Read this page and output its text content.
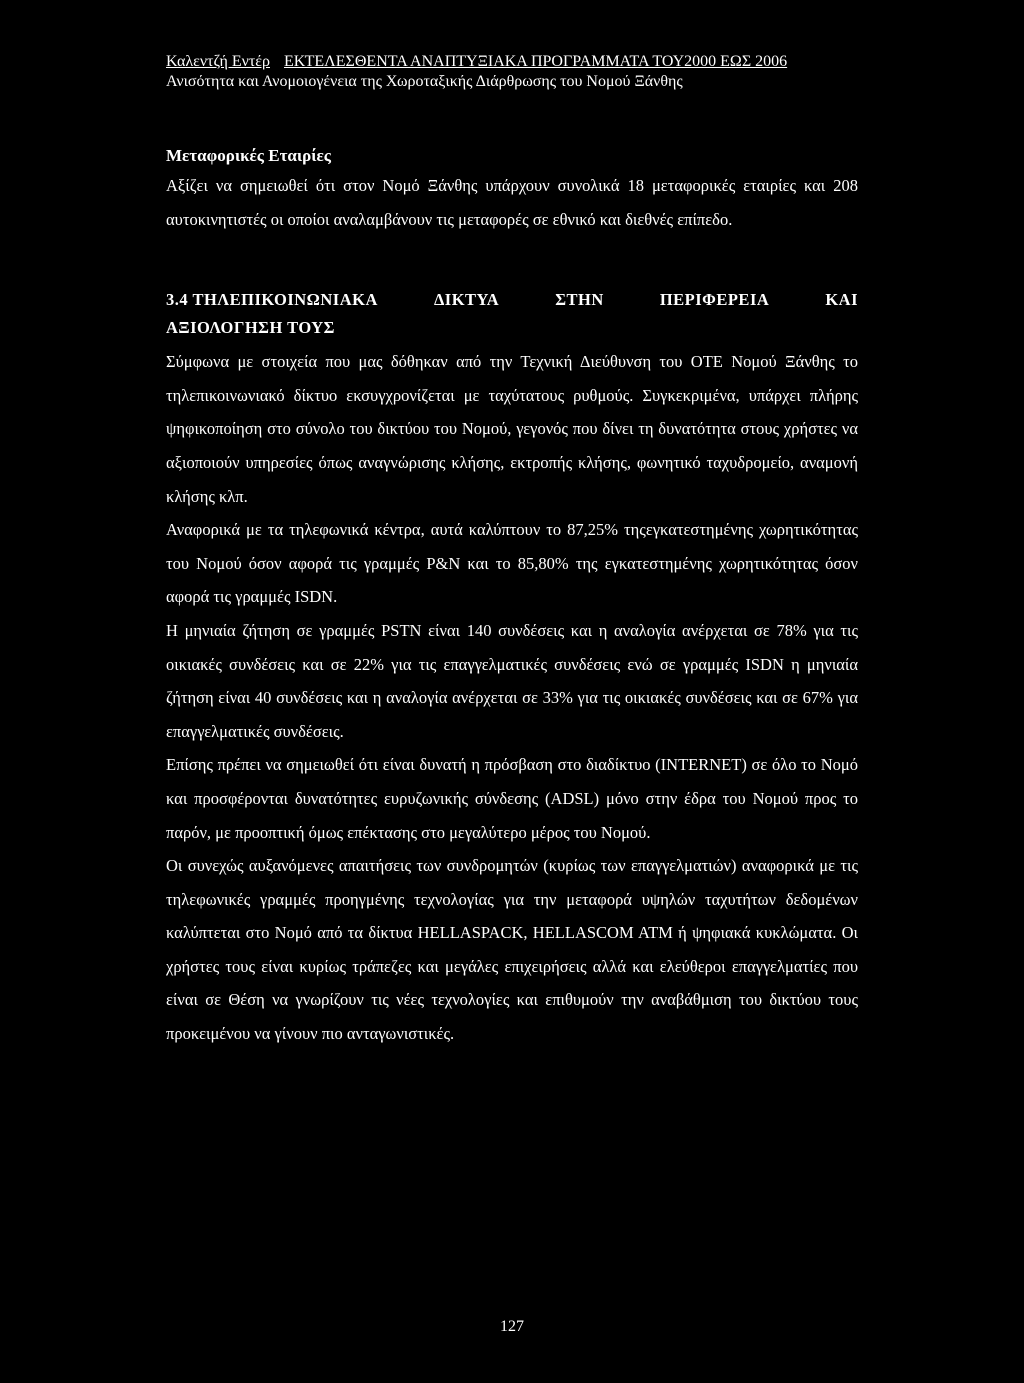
Καλεντζή Εντέρ ΕΚΤΕΛΕΣΘΕΝΤΑ ΑΝΑΠΤΥΞΙΑΚΑ ΠΡΟΓΡΑΜΜΑΤΑ ΤΟΥ2000 ΕΩΣ 2006
Ανισότητα και Ανομοιογένεια της Χωροταξικής Διάρθρωσης του Νομού Ξάνθης
Μεταφορικές Εταιρίες

Αξίζει να σημειωθεί ότι στον Νομό Ξάνθης υπάρχουν συνολικά 18 μεταφορικές εταιρίες και 208 αυτοκινητιστές οι οποίοι αναλαμβάνουν τις μεταφορές σε εθνικό και διεθνές επίπεδο.

3.4 ΤΗΛΕΠΙΚΟΙΝΩΝΙΑΚΑ	ΔΙΚΤΥΑ	ΣΤΗΝ	ΠΕΡΙΦΕΡΕΙΑ	ΚΑΙ
ΑΞΙΟΛΟΓΗΣΗ ΤΟΥΣ

Σύμφωνα με στοιχεία που μας δόθηκαν από την Τεχνική Διεύθυνση του ΟΤΕ Νομού Ξάνθης το τηλεπικοινωνιακό δίκτυο εκσυγχρονίζεται με ταχύτατους ρυθμούς. Συγκεκριμένα, υπάρχει πλήρης ψηφικοποίηση στο σύνολο του δικτύου του Νομού, γεγονός που δίνει τη δυνατότητα στους χρήστες να αξιοποιούν υπηρεσίες όπως αναγνώρισης κλήσης, εκτροπής κλήσης, φωνητικό ταχυδρομείο, αναμονή κλήσης κλπ.

Αναφορικά με τα τηλεφωνικά κέντρα, αυτά καλύπτουν το 87,25% τηςεγκατεστημένης χωρητικότητας του Νομού όσον αφορά τις γραμμές Ρ&Ν και το 85,80% της εγκατεστημένης χωρητικότητας όσον αφορά τις γραμμές ISDN.

Η μηνιαία ζήτηση σε γραμμές PSTN είναι 140 συνδέσεις και η αναλογία ανέρχεται σε 78% για τις οικιακές συνδέσεις και σε 22% για τις επαγγελματικές συνδέσεις ενώ σε γραμμές ISDN η μηνιαία ζήτηση είναι 40 συνδέσεις και η αναλογία ανέρχεται σε 33% για τις οικιακές συνδέσεις και σε 67% για επαγγελματικές συνδέσεις.

Επίσης πρέπει να σημειωθεί ότι είναι δυνατή η πρόσβαση στο διαδίκτυο (INTERNET) σε όλο το Νομό και προσφέρονται δυνατότητες ευρυζωνικής σύνδεσης (ADSL) μόνο στην έδρα του Νομού προς το παρόν, με προοπτική όμως επέκτασης στο μεγαλύτερο μέρος του Νομού.

Οι συνεχώς αυξανόμενες απαιτήσεις των συνδρομητών (κυρίως των επαγγελματιών) αναφορικά με τις τηλεφωνικές γραμμές προηγμένης τεχνολογίας για την μεταφορά υψηλών ταχυτήτων δεδομένων καλύπτεται στο Νομό από τα δίκτυα HELLASPACK, HELLASCOM ATM ή ψηφιακά κυκλώματα. Οι χρήστες τους είναι κυρίως τράπεζες και μεγάλες επιχειρήσεις αλλά και ελεύθεροι επαγγελματίες που είναι σε Θέση να γνωρίζουν τις νέες τεχνολογίες και επιθυμούν την αναβάθμιση του δικτύου τους προκειμένου να γίνουν πιο ανταγωνιστικές.

127
